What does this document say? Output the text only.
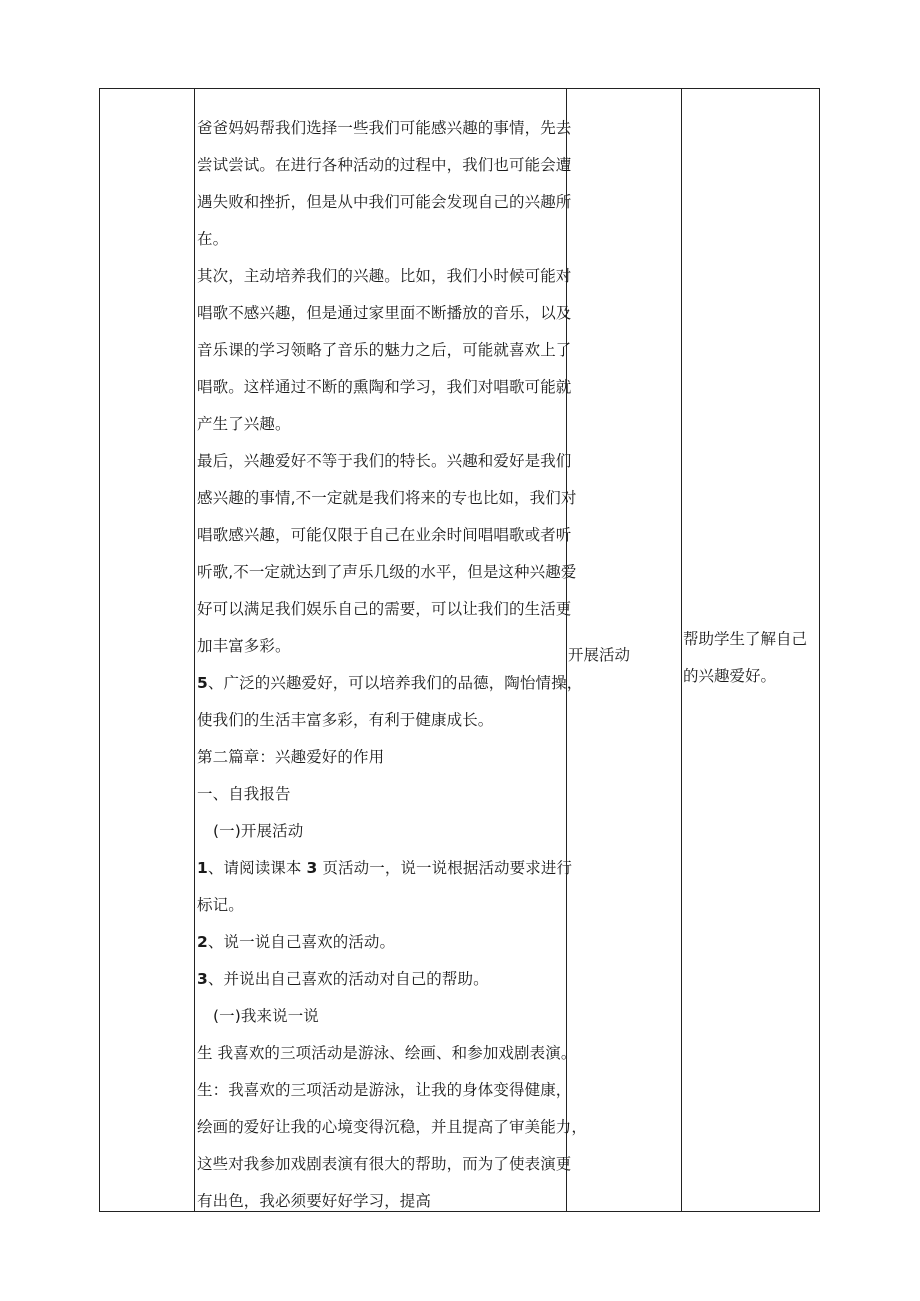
爸爸妈妈帮我们选择一些我们可能感兴趣的事情，先去
尝试尝试。在进行各种活动的过程中，我们也可能会遭
遇失败和挫折，但是从中我们可能会发现自己的兴趣所
在。
其次，主动培养我们的兴趣。比如，我们小时候可能对
唱歌不感兴趣，但是通过家里面不断播放的音乐，以及
音乐课的学习领略了音乐的魅力之后，可能就喜欢上了
唱歌。这样通过不断的熏陶和学习，我们对唱歌可能就
产生了兴趣。
最后，兴趣爱好不等于我们的特长。兴趣和爱好是我们
感兴趣的事情,不一定就是我们将来的专也比如，我们对
唱歌感兴趣，可能仅限于自己在业余时间唱唱歌或者听
听歌,不一定就达到了声乐几级的水平，但是这种兴趣爱
好可以满足我们娱乐自己的需要，可以让我们的生活更
加丰富多彩。
5、广泛的兴趣爱好，可以培养我们的品德，陶怡情操，
使我们的生活丰富多彩，有利于健康成长。
第二篇章：兴趣爱好的作用
一、自我报告
(一)开展活动
1、请阅读课本 3 页活动一，说一说根据活动要求进行
标记。
2、说一说自己喜欢的活动。
3、并说出自己喜欢的活动对自己的帮助。
(一)我来说一说
生 我喜欢的三项活动是游泳、绘画、和参加戏剧表演。
生：我喜欢的三项活动是游泳，让我的身体变得健康，
绘画的爱好让我的心境变得沉稳，并且提高了审美能力，
这些对我参加戏剧表演有很大的帮助，而为了使表演更
有出色，我必须要好好学习，提高
开展活动
帮助学生了解自己
的兴趣爱好。
